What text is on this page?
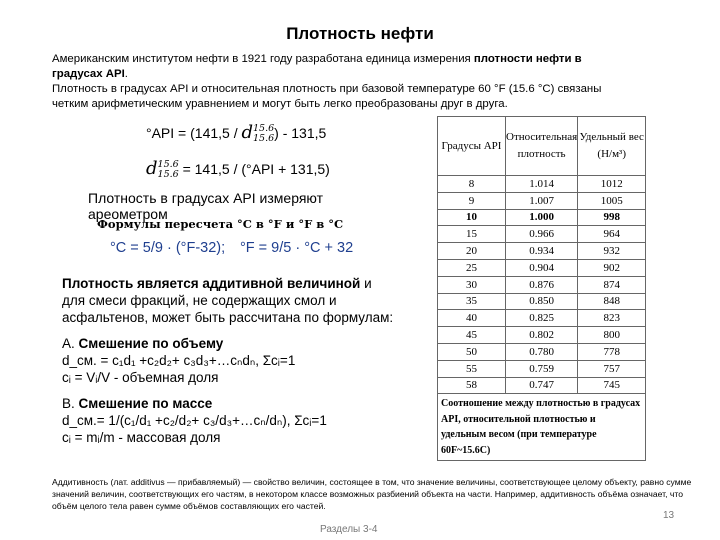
Плотность нефти
Американским институтом нефти в 1921 году разработана единица измерения плотности нефти в
градусах API.
Плотность в градусах API и относительная плотность при базовой температуре 60 °F (15.6 °C) связаны
четким арифметическим уравнением и могут быть легко преобразованы друг в друга.
°API = (141,5 / d 15.6
15.6 ) - 131,5
d 15.6
15.6 = 141,5 / (°API + 131,5)
Плотность в градусах API измеряют ареометром
Формулы пересчета °С в °F и °F в °С
°С = 5/9 · (°F-32); °F = 9/5 · °С + 32
Плотность является аддитивной величиной и
для смеси фракций, не содержащих смол и
асфальтенов, может быть рассчитана по формулам:
А. Смешение по объему
d_см. = c₁d₁ +c₂d₂+ c₃d₃+…cₙdₙ, Σcᵢ=1
cᵢ = Vᵢ/V - объемная доля
B. Смешение по массе
d_см.= 1/(c₁/d₁ +c₂/d₂+ c₃/d₃+…cₙ/dₙ), Σcᵢ=1
cᵢ = mᵢ/m - массовая доля
Градусы API	Относительная плотность	Удельный вес (Н/м³)
8	1.014	1012
9	1.007	1005
10	1.000	998
15	0.966	964
20	0.934	932
25	0.904	902
30	0.876	874
35	0.850	848
40	0.825	823
45	0.802	800
50	0.780	778
55	0.759	757
58	0.747	745
Соотношение между плотностью в градусах API, относительной плотностью и удельным весом (при температуре 60F~15.6C)		
Аддитивность (лат. additivus — прибавляемый) — свойство величин, состоящее в том, что значение величины, соответствующее целому объекту, равно сумме значений величин, соответствующих его частям, в некотором классе возможных разбиений объекта на части. Например, аддитивность объёма означает, что объём целого тела равен сумме объёмов составляющих его частей.
Разделы 3-4
13
